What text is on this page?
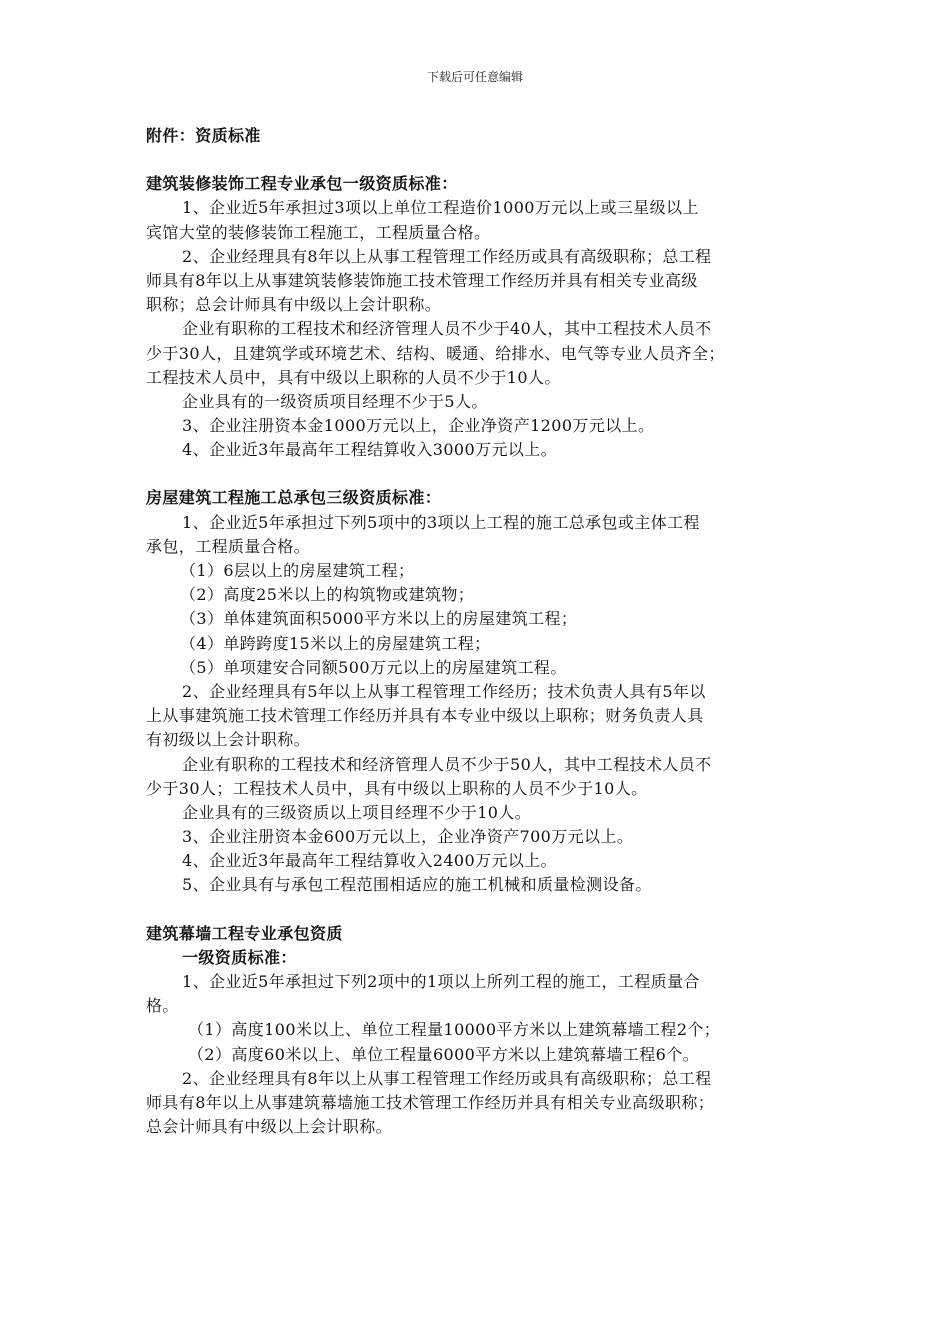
下载后可任意编辑
附件：资质标准
建筑装修装饰工程专业承包一级资质标准：
1、企业近5年承担过3项以上单位工程造价1000万元以上或三星级以上
宾馆大堂的装修装饰工程施工，工程质量合格。
2、企业经理具有8年以上从事工程管理工作经历或具有高级职称；总工程
师具有8年以上从事建筑装修装饰施工技术管理工作经历并具有相关专业高级
职称；总会计师具有中级以上会计职称。
企业有职称的工程技术和经济管理人员不少于40人，其中工程技术人员不
少于30人，且建筑学或环境艺术、结构、暖通、给排水、电气等专业人员齐全；
工程技术人员中，具有中级以上职称的人员不少于10人。
企业具有的一级资质项目经理不少于5人。
3、企业注册资本金1000万元以上，企业净资产1200万元以上。
4、企业近3年最高年工程结算收入3000万元以上。
房屋建筑工程施工总承包三级资质标准：
1、企业近5年承担过下列5项中的3项以上工程的施工总承包或主体工程
承包，工程质量合格。
（1）6层以上的房屋建筑工程；
（2）高度25米以上的构筑物或建筑物；
（3）单体建筑面积5000平方米以上的房屋建筑工程；
（4）单跨跨度15米以上的房屋建筑工程；
（5）单项建安合同额500万元以上的房屋建筑工程。
2、企业经理具有5年以上从事工程管理工作经历；技术负责人具有5年以
上从事建筑施工技术管理工作经历并具有本专业中级以上职称；财务负责人具
有初级以上会计职称。
企业有职称的工程技术和经济管理人员不少于50人，其中工程技术人员不
少于30人；工程技术人员中，具有中级以上职称的人员不少于10人。
企业具有的三级资质以上项目经理不少于10人。
3、企业注册资本金600万元以上，企业净资产700万元以上。
4、企业近3年最高年工程结算收入2400万元以上。
5、企业具有与承包工程范围相适应的施工机械和质量检测设备。
建筑幕墙工程专业承包资质
一级资质标准：
1、企业近5年承担过下列2项中的1项以上所列工程的施工，工程质量合
格。
（1）高度100米以上、单位工程量10000平方米以上建筑幕墙工程2个；
（2）高度60米以上、单位工程量6000平方米以上建筑幕墙工程6个。
2、企业经理具有8年以上从事工程管理工作经历或具有高级职称；总工程
师具有8年以上从事建筑幕墙施工技术管理工作经历并具有相关专业高级职称；
总会计师具有中级以上会计职称。
